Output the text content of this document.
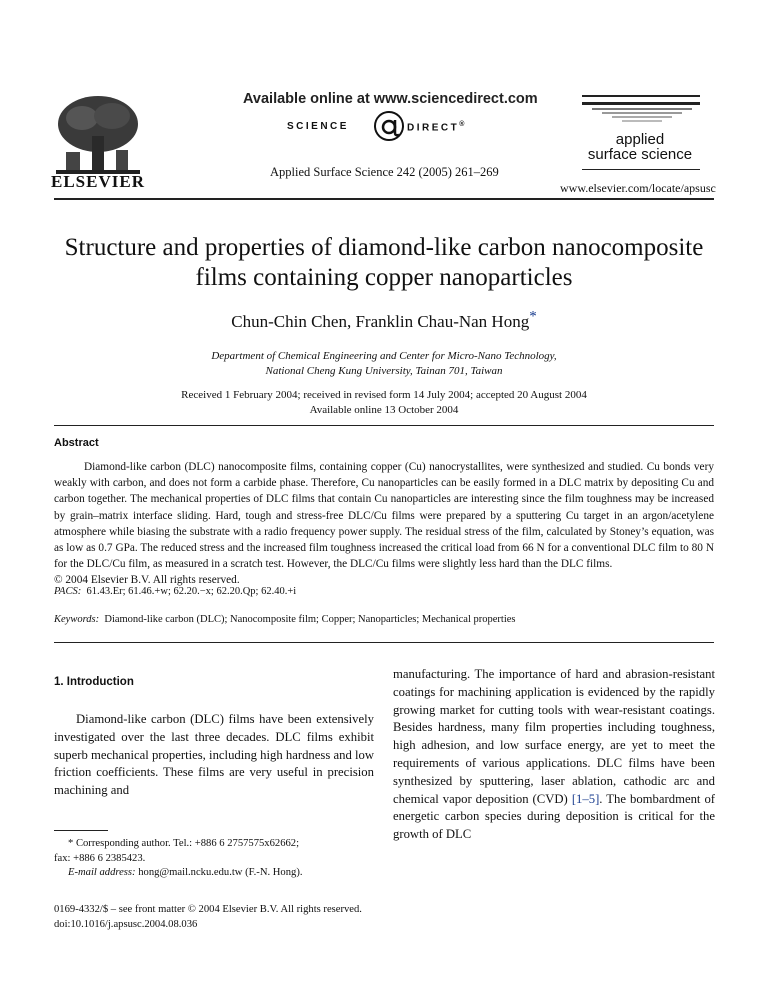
ELSEVIER
Available online at www.sciencedirect.com
SCIENCE	DIRECT®
Applied Surface Science 242 (2005) 261–269
applied
surface science
www.elsevier.com/locate/apsusc
Structure and properties of diamond-like carbon nanocomposite
films containing copper nanoparticles
Chun-Chin Chen, Franklin Chau-Nan Hong*
Department of Chemical Engineering and Center for Micro-Nano Technology,
National Cheng Kung University, Tainan 701, Taiwan
Received 1 February 2004; received in revised form 14 July 2004; accepted 20 August 2004
Available online 13 October 2004
Abstract

Diamond-like carbon (DLC) nanocomposite films, containing copper (Cu) nanocrystallites, were synthesized and studied. Cu bonds very weakly with carbon, and does not form a carbide phase. Therefore, Cu nanoparticles can be easily formed in a DLC matrix by depositing Cu and carbon together. The mechanical properties of DLC films that contain Cu nanoparticles are interesting since the film toughness may be increased by grain–matrix interface sliding. Hard, tough and stress-free DLC/Cu films were prepared by a sputtering Cu target in an argon/acetylene atmosphere while biasing the substrate with a radio frequency power supply. The residual stress of the film, calculated by Stoney’s equation, was as low as 0.7 GPa. The reduced stress and the increased film toughness increased the critical load from 66 N for a conventional DLC film to 80 N for the DLC/Cu film, as measured in a scratch test. However, the DLC/Cu films were slightly less hard than the DLC films.

© 2004 Elsevier B.V. All rights reserved.
PACS: 61.43.Er; 61.46.+w; 62.20.−x; 62.20.Qp; 62.40.+i
Keywords: Diamond-like carbon (DLC); Nanocomposite film; Copper; Nanoparticles; Mechanical properties
1. Introduction

Diamond-like carbon (DLC) films have been extensively investigated over the last three decades. DLC films exhibit superb mechanical properties, including high hardness and low friction coefficients. These films are very useful in precision machining and

manufacturing. The importance of hard and abrasion-resistant coatings for machining application is evidenced by the rapidly growing market for cutting tools with wear-resistant coatings. Besides hardness, many film properties including toughness, high adhesion, and low surface energy, are yet to meet the requirements of various applications. DLC films have been synthesized by sputtering, laser ablation, cathodic arc and chemical vapor deposition (CVD) [1–5]. The bombardment of energetic carbon species during deposition is critical for the growth of DLC

* Corresponding author. Tel.: +886 6 2757575x62662;

fax: +886 6 2385423.

E-mail address: hong@mail.ncku.edu.tw (F.-N. Hong).

0169-4332/$ – see front matter © 2004 Elsevier B.V. All rights reserved.

doi:10.1016/j.apsusc.2004.08.036
